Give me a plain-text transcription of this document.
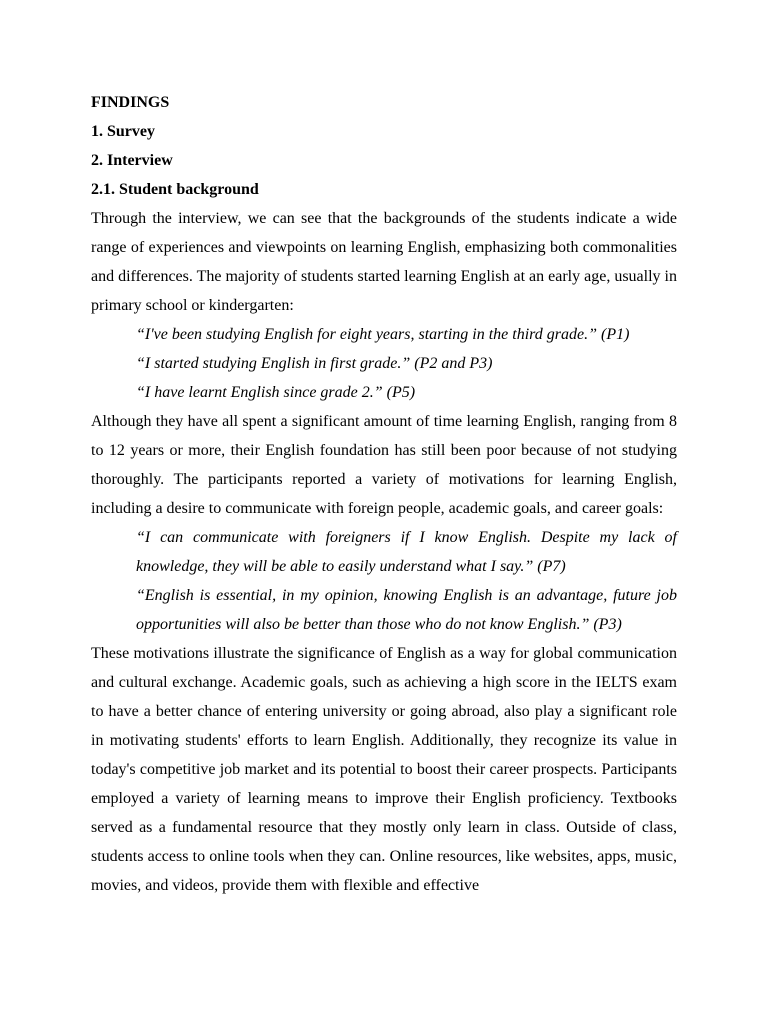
FINDINGS

1. Survey

2. Interview

2.1. Student background

Through the interview, we can see that the backgrounds of the students indicate a wide range of experiences and viewpoints on learning English, emphasizing both commonalities and differences. The majority of students started learning English at an early age, usually in primary school or kindergarten:

“I've been studying English for eight years, starting in the third grade.” (P1)

“I started studying English in first grade.” (P2 and P3)

“I have learnt English since grade 2.” (P5)

Although they have all spent a significant amount of time learning English, ranging from 8 to 12 years or more, their English foundation has still been poor because of not studying thoroughly. The participants reported a variety of motivations for learning English, including a desire to communicate with foreign people, academic goals, and career goals:

“I can communicate with foreigners if I know English. Despite my lack of knowledge, they will be able to easily understand what I say.” (P7)

“English is essential, in my opinion, knowing English is an advantage, future job opportunities will also be better than those who do not know English.” (P3)

These motivations illustrate the significance of English as a way for global communication and cultural exchange. Academic goals, such as achieving a high score in the IELTS exam to have a better chance of entering university or going abroad, also play a significant role in motivating students' efforts to learn English. Additionally, they recognize its value in today's competitive job market and its potential to boost their career prospects. Participants employed a variety of learning means to improve their English proficiency. Textbooks served as a fundamental resource that they mostly only learn in class. Outside of class, students access to online tools when they can. Online resources, like websites, apps, music, movies, and videos, provide them with flexible and effective
